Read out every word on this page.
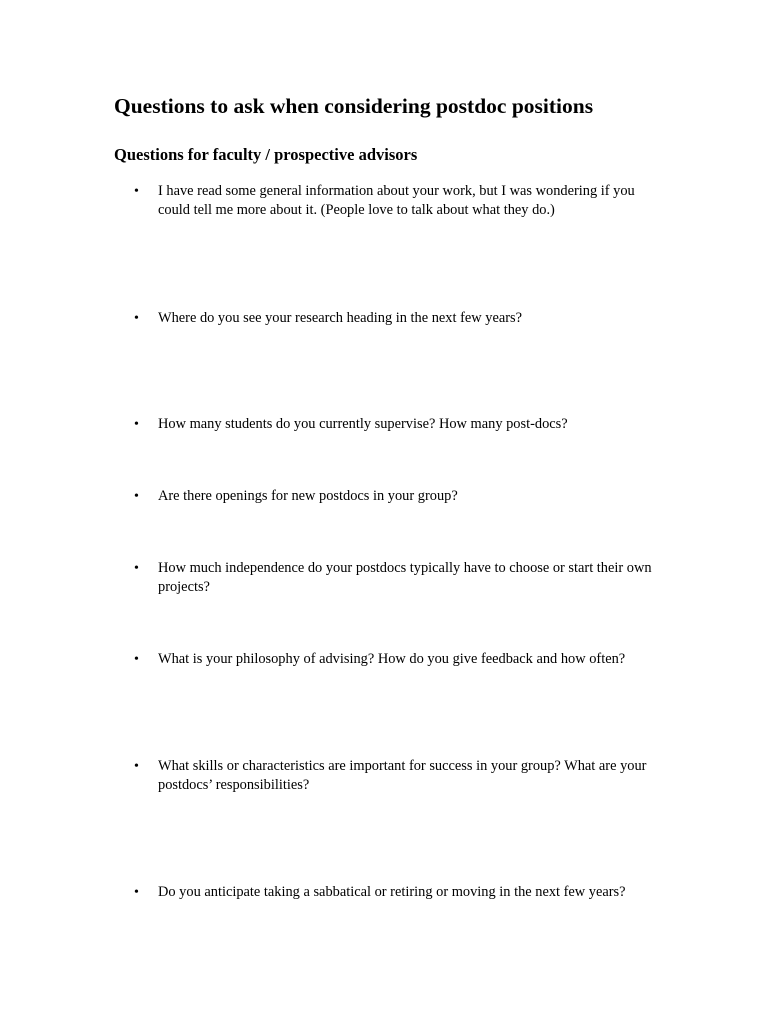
Questions to ask when considering postdoc positions
Questions for faculty / prospective advisors
• I have read some general information about your work, but I was wondering if you could tell me more about it. (People love to talk about what they do.)

• Where do you see your research heading in the next few years?

• How many students do you currently supervise? How many post-docs?

• Are there openings for new postdocs in your group?

• How much independence do your postdocs typically have to choose or start their own projects?

• What is your philosophy of advising? How do you give feedback and how often?

• What skills or characteristics are important for success in your group? What are your postdocs’ responsibilities?

• Do you anticipate taking a sabbatical or retiring or moving in the next few years?
